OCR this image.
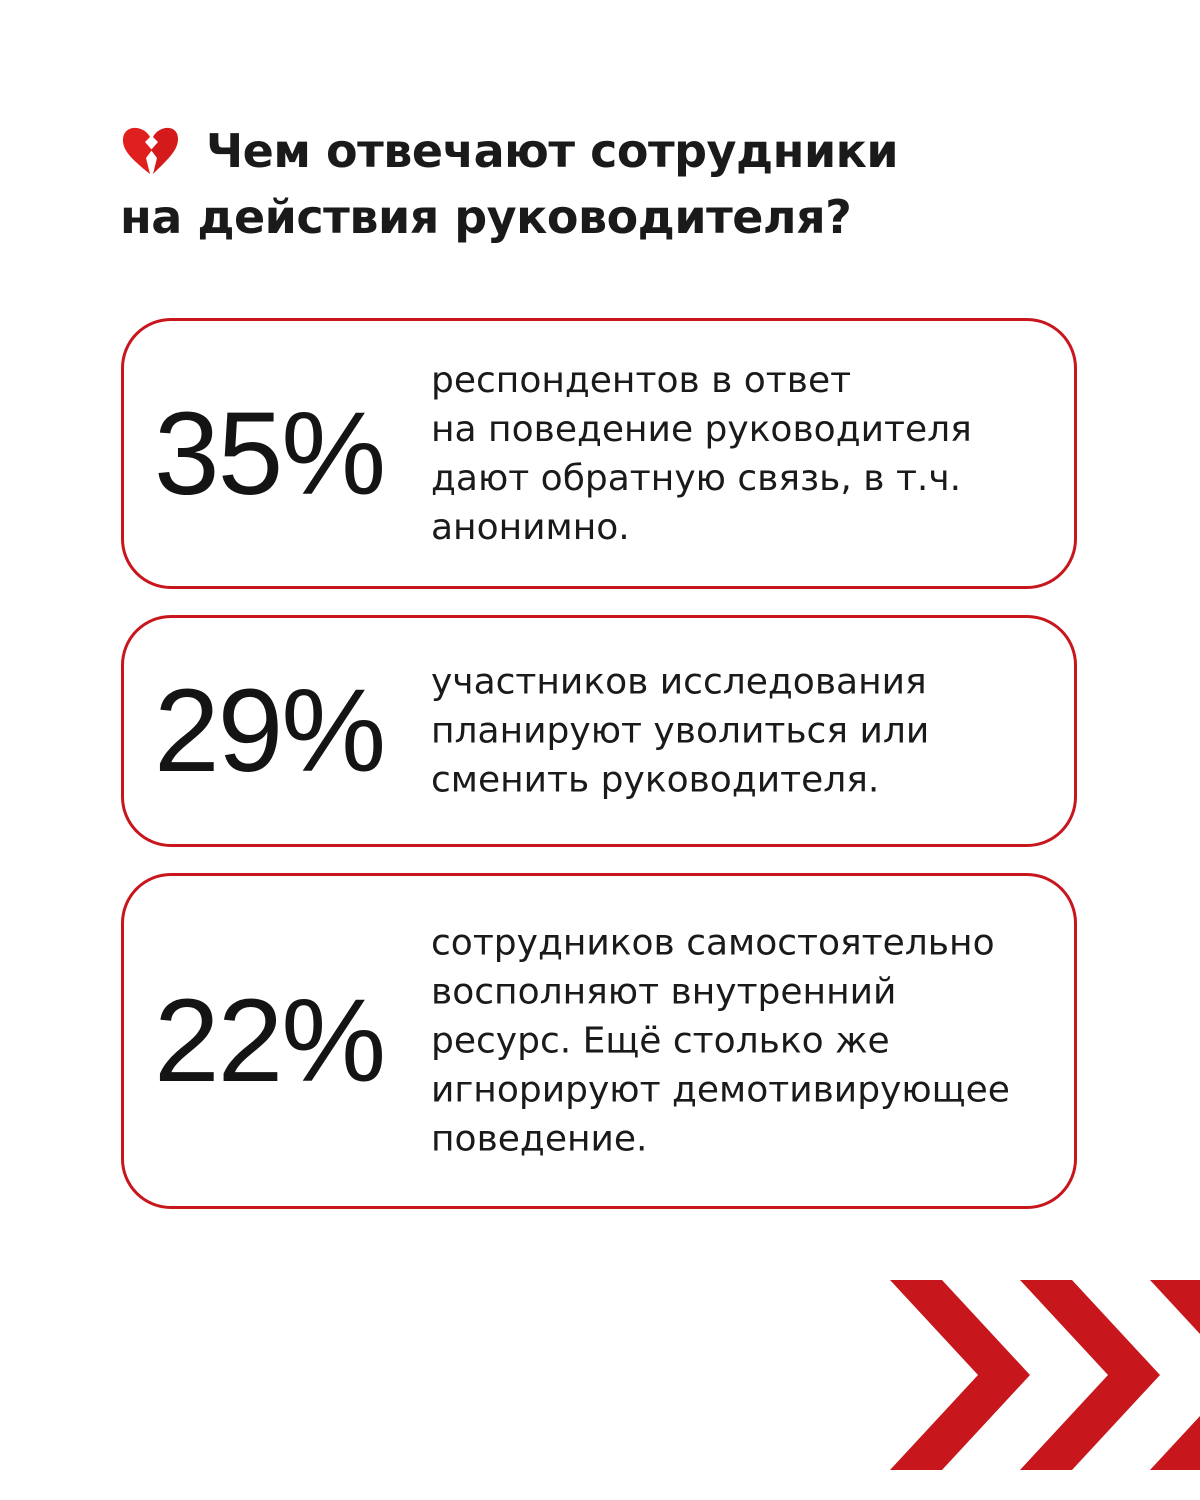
Чем отвечают сотрудники
на действия руководителя?
35%
респондентов в ответ
на поведение руководителя
дают обратную связь, в т.ч.
анонимно.
29% участников исследования
планируют уволиться или
сменить руководителя.
22%
сотрудников самостоятельно
восполняют внутренний
ресурс. Ещё столько же
игнорируют демотивирующее
поведение.
